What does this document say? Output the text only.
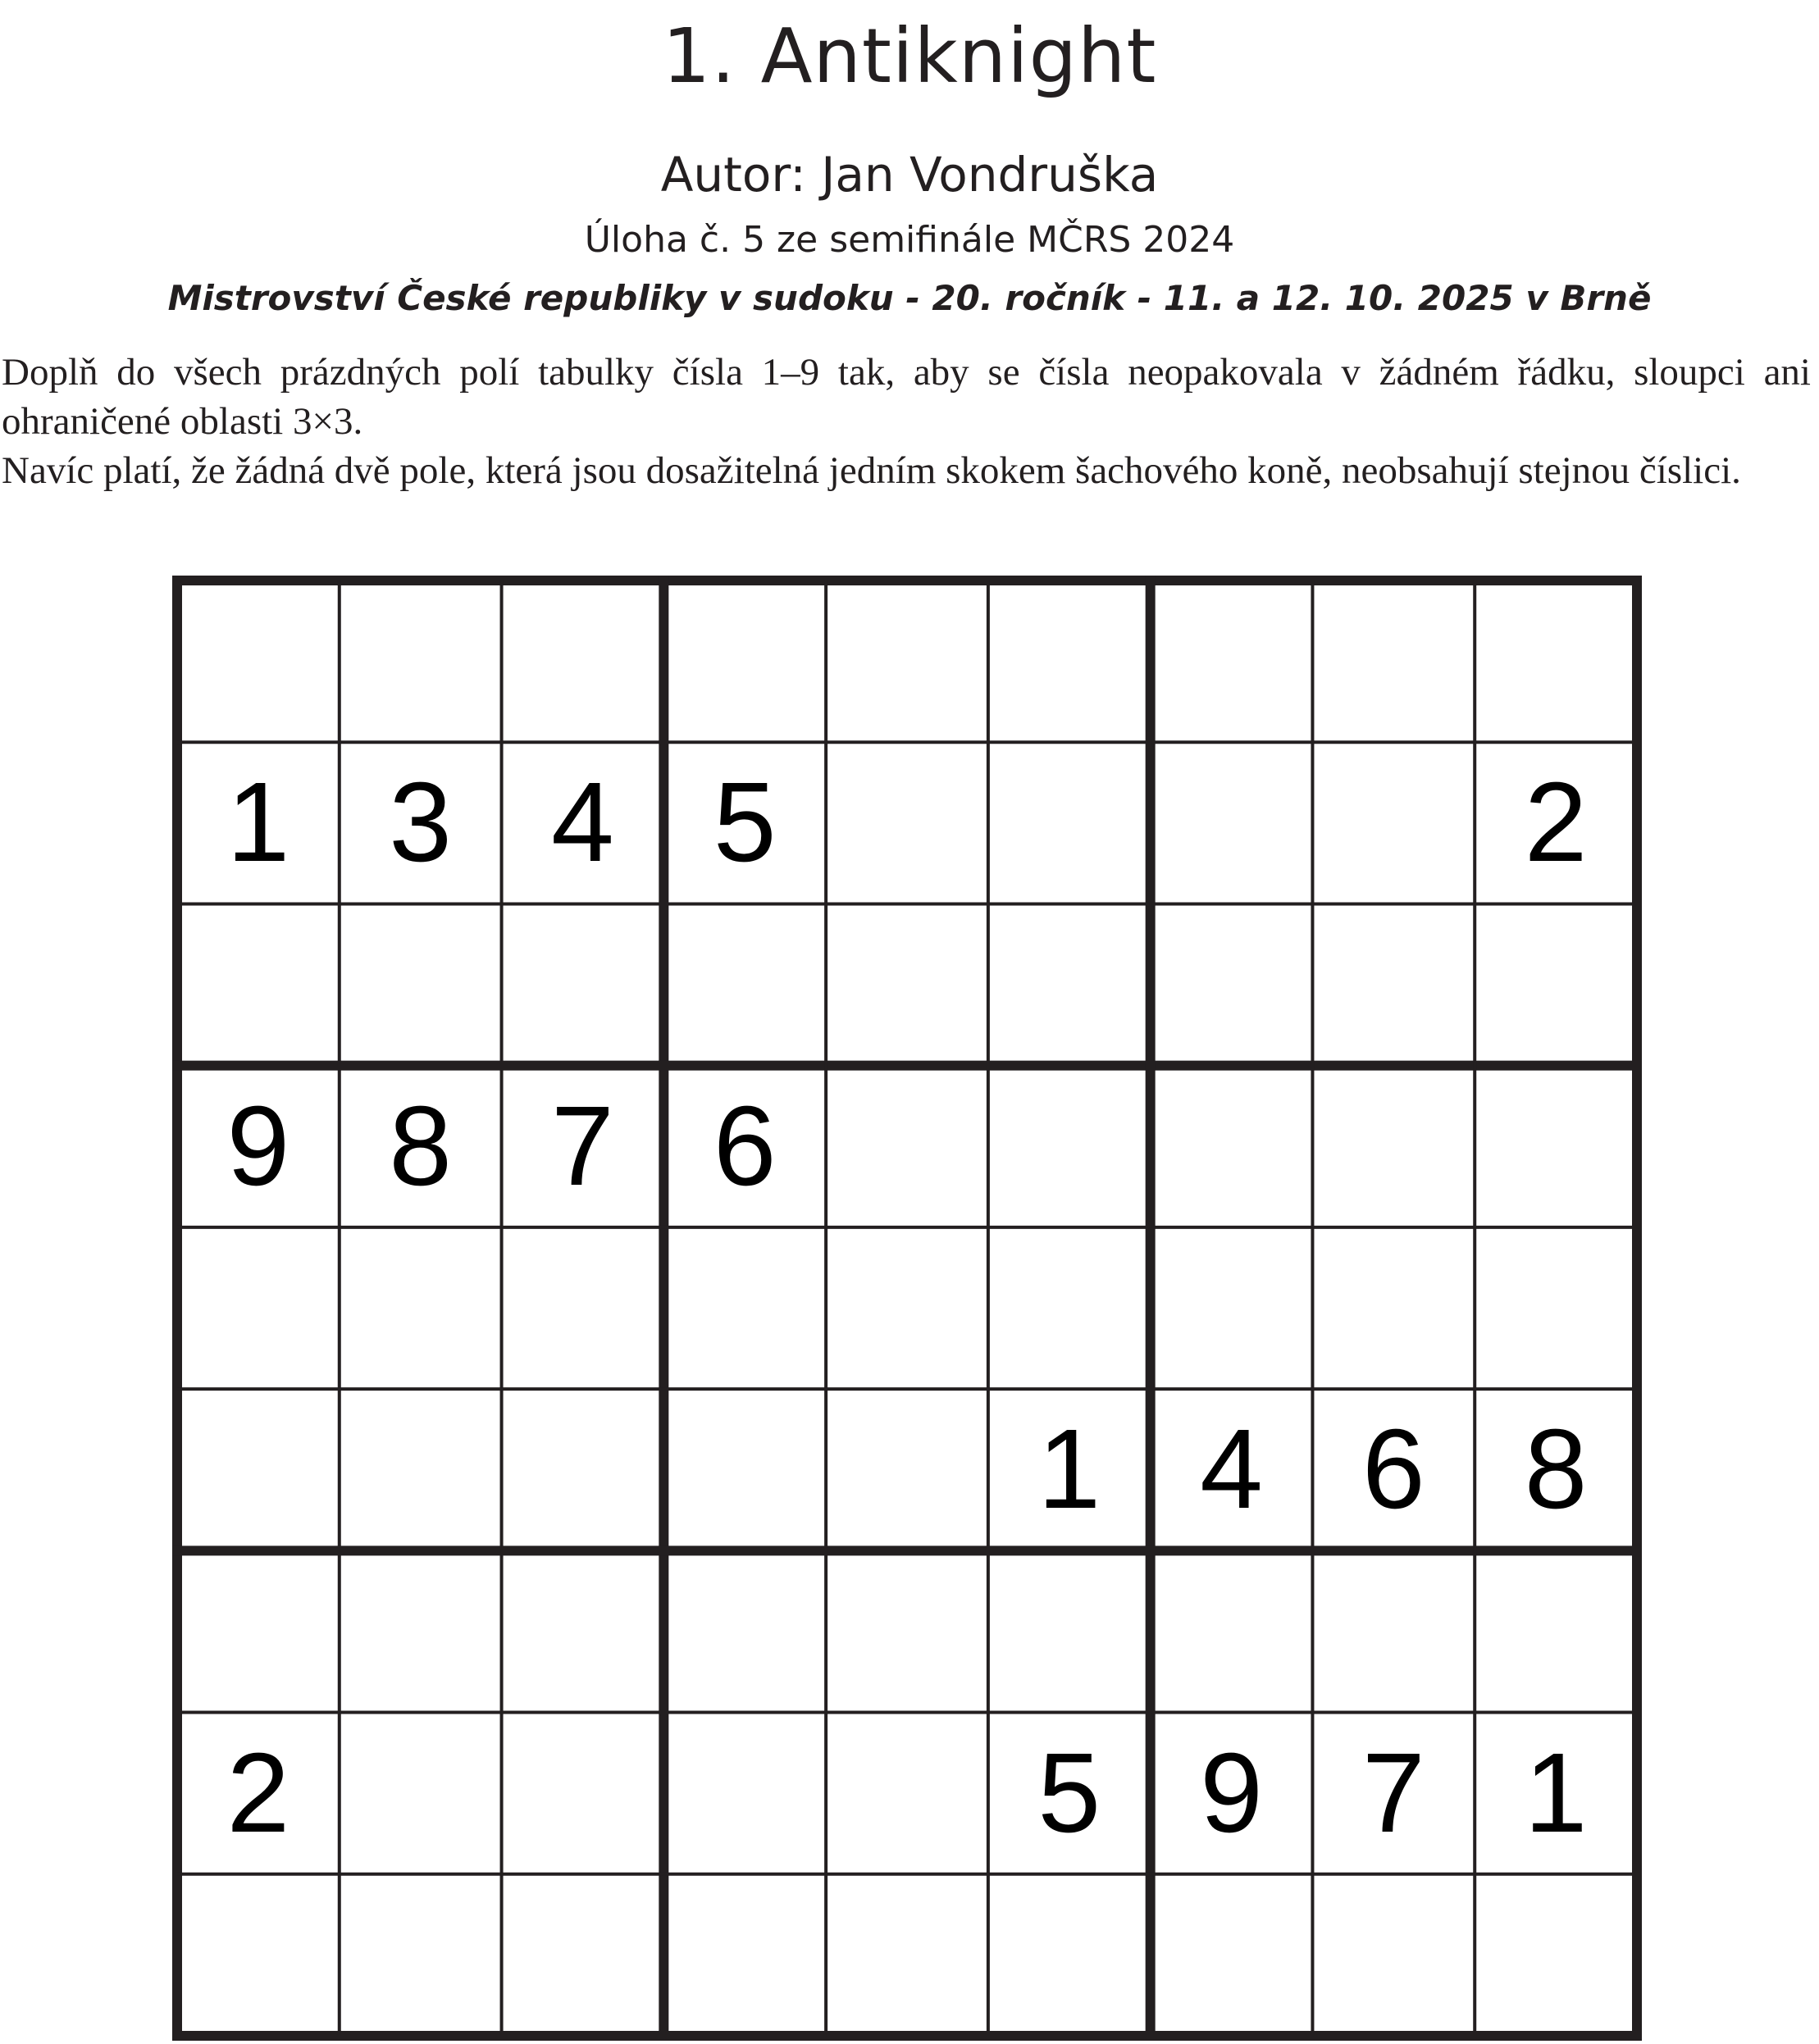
1. Antiknight
Autor: Jan Vondruška
Úloha č. 5 ze semifinále MČRS 2024
Mistrovství České republiky v sudoku - 20. ročník - 11. a 12. 10. 2025 v Brně

Doplň do všech prázdných polí tabulky čísla 1–9 tak, aby se čísla neopakovala v žádném řádku, sloupci ani ohraničené oblasti 3×3.

Navíc platí, že žádná dvě pole, která jsou dosažitelná jedním skokem šachového koně, neobsahují stejnou číslici.

1 3 4 5	2
9 8 7 6
1 4 6 8
2	5 9 7 1
